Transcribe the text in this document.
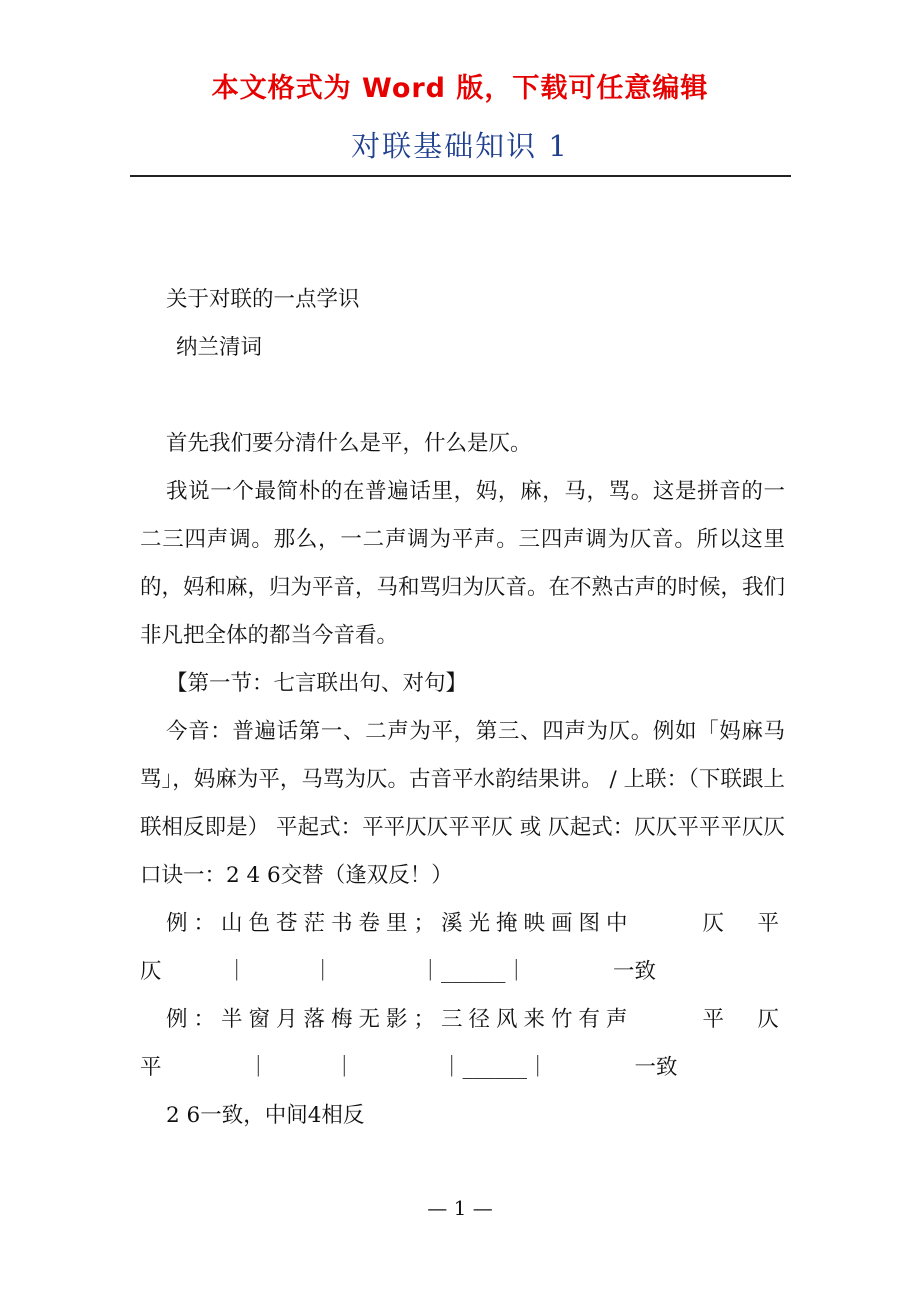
本文格式为 Word 版，下载可任意编辑
对联基础知识 1

关于对联的一点学识

纳兰清词

首先我们要分清什么是平，什么是仄。

我说一个最简朴的在普遍话里，妈，麻，马，骂。这是拼音的一二三四声调。那么，一二声调为平声。三四声调为仄音。所以这里的，妈和麻，归为平音，马和骂归为仄音。在不熟古声的时候，我们非凡把全体的都当今音看。

【第一节：七言联出句、对句】

今音：普遍话第一、二声为平，第三、四声为仄。例如「妈麻马骂」，妈麻为平，马骂为仄。古音平水韵结果讲。 / 上联：（下联跟上联相反即是） 平起式：平平仄仄平平仄 或 仄起式：仄仄平平平仄仄 口诀一：2 4 6交替（逢双反！）

例：山色苍茫书卷里；溪光掩映画图中	仄　平
仄　　　｜　　　｜　　　　｜______｜　　　　一致
例：半窗月落梅无影；三径风来竹有声	平　仄
平　　　　｜　　　｜　　　　｜______｜　　　　一致

2 6一致，中间4相反

— 1 —
